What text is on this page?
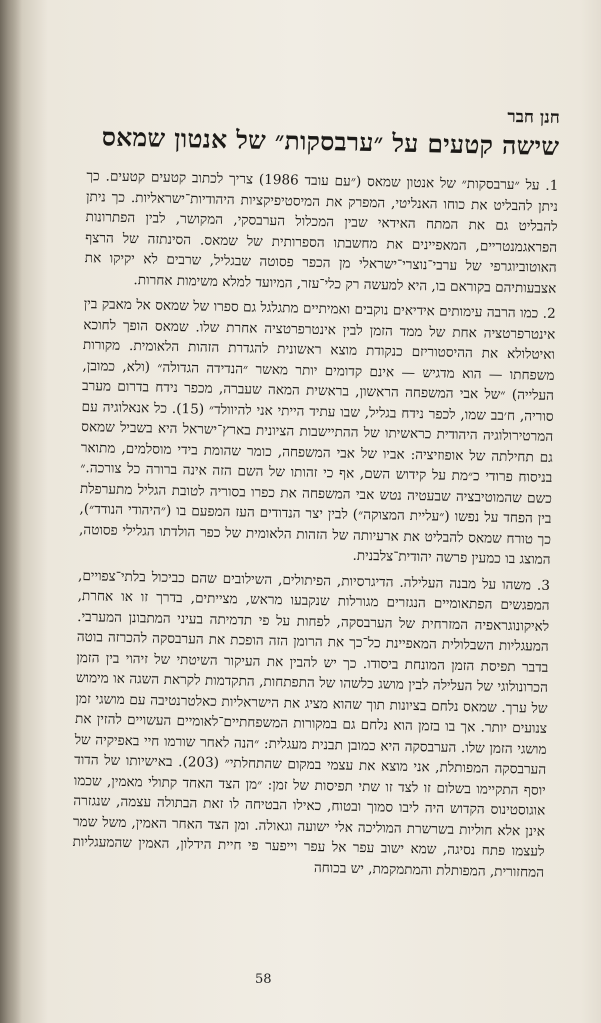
חנן חבר
שישה קטעים על ״ערבסקות״ של אנטון שמאס

1. על ״ערבסקות״ של אנטון שמאס (״עם עובד 1986) צריך לכתוב קטעים קטעים. כך ניתן להבליט את כוחו האנליטי, המפרק את המיסטיפיקציות היהודיות־ישראליות. כך ניתן להבליט גם את המתח האידאי שבין המכלול הערבסקי, המקושר, לבין הפתרונות הפראגמנטריים, המאפיינים את מחשבתו הספרותית של שמאס. הסינתזה של הרצף האוטוביוגרפי של ערבי־נוצרי־ישראלי מן הכפר פסוטה שבגליל, שרבים לא יקיקו את אצבעותיהם בקוראם בו, היא למעשה רק כלי־עזר, המיועד למלא משימות אחרות.

2. כמו הרבה עימותים אידיאים נוקבים ואמיתיים מתגלגל גם ספרו של שמאס אל מאבק בין אינטרפרטציה אחת של ממד הזמן לבין אינטרפרטציה אחרת שלו. שמאס הופך לחוכא ואיטלולא את ההיסטוריזם כנקודת מוצא ראשונית להגדרת הזהות הלאומית. מקורות משפחתו — הוא מדגיש — אינם קדומים יותר מאשר ״הנדידה הגדולה״ (ולא, כמובן, העלייה) ״של אבי המשפחה הראשון, בראשית המאה שעברה, מכפר נידח בדרום מערב סוריה, ח׳בב שמו, לכפר נידח בגליל, שבו עתיד הייתי אני להיוולד״ (15). כל אנאלוגיה עם המרטירולוגיה היהודית כראשיתו של ההתיישבות הציונית בארץ־ישראל היא בשביל שמאס גם תחילתה של אופוזיציה: אביו של אבי המשפחה, כומר שהומת בידי מוסלמים, מתואר בניסוח פרודי כ״מת על קידוש השם, אף כי זהותו של השם הזה אינה ברורה כל צורכה.״ כשם שהמוטיבציה שבעטיה נטש אבי המשפחה את כפרו בסוריה לטובת הגליל מתערפלת בין הפחד על נפשו (״עליית המצוקה״) לבין יצר הנדודים העז המפעם בו (״היהודי הנודד״), כך טורח שמאס להבליט את ארעיותה של הזהות הלאומית של כפר הולדתו הגלילי פסוטה, המוצג בו כמעין פרשה יהודית־צלבנית.

3. משהו על מבנה העלילה. הדיגרסיות, הפיתולים, השילובים שהם כביכול בלתי־צפויים, המפגשים הפתאומיים הנגזרים מגורלות שנקבעו מראש, מצייתים, בדרך זו או אחרת, לאיקונוגראפיה המזרחית של הערבסקה, לפחות על פי תדמיתה בעיני המתבונן המערבי. המעגליות השבלולית המאפיינת כל־כך את הרומן הזה הופכת את הערבסקה להכרזה בוטה בדבר תפיסת הזמן המונחת ביסודו. כך יש להבין את העיקור השיטתי של זיהוי בין הזמן הכרונולוגי של העלילה לבין מושג כלשהו של התפתחות, התקדמות לקראת השגה או מימוש של ערך. שמאס נלחם בציונות תוך שהוא מציג את הישראליות כאלטרנטיבה עם מושגי זמן צנועים יותר. אך בו בזמן הוא נלחם גם במקורות המשפחתיים־לאומיים העשויים להזין את מושגי הזמן שלו. הערבסקה היא כמובן תבנית מעגלית: ״הנה לאחר שורמו חיי באפיקיה של הערבסקה המפותלת, אני מוצא את עצמי במקום שהתחלתי״ (203). באישיותו של הדוד יוסף התקיימו בשלום זו לצד זו שתי תפיסות של זמן: ״מן הצד האחד קתולי מאמין, שכמו אוגוסטינוס הקדוש היה ליבו סמוך ובטוח, כאילו הבטיחה לו זאת הבתולה עצמה, שנגזרה אינן אלא חוליות בשרשרת המוליכה אלי ישועה וגאולה. ומן הצד האחר האמין, משל שמר לעצמו פתח נסיגה, שמא ישוב עפר אל עפר וייפער פי חיית הידלון, האמין שהמעגליות המחזורית, המפותלת והמתמקמת, יש בכוחה

58
